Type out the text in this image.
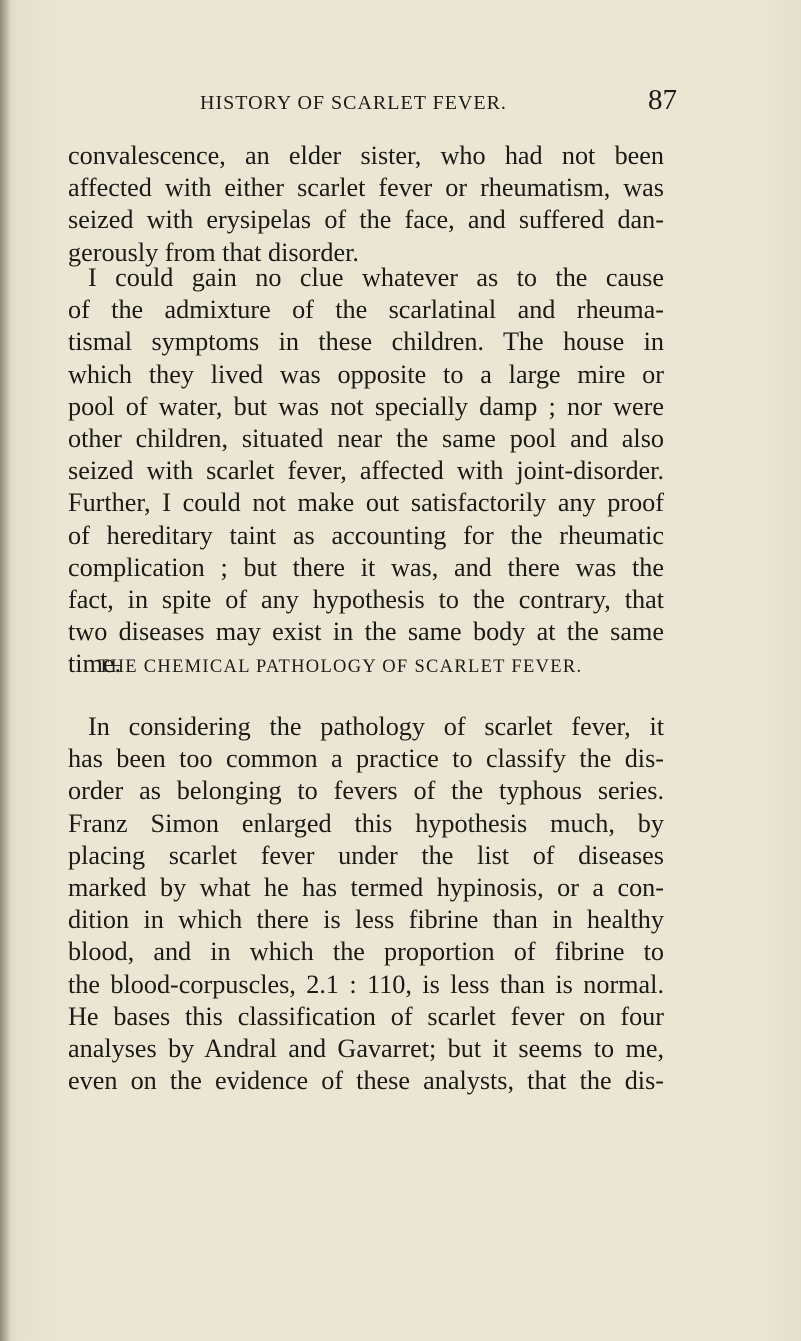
HISTORY OF SCARLET FEVER.	87
convalescence, an elder sister, who had not been
affected with either scarlet fever or rheumatism, was
seized with erysipelas of the face, and suffered dan-
gerously from that disorder.
I could gain no clue whatever as to the cause
of the admixture of the scarlatinal and rheuma-
tismal symptoms in these children. The house in
which they lived was opposite to a large mire or
pool of water, but was not specially damp ; nor were
other children, situated near the same pool and also
seized with scarlet fever, affected with joint-disorder.
Further, I could not make out satisfactorily any proof
of hereditary taint as accounting for the rheumatic
complication ; but there it was, and there was the
fact, in spite of any hypothesis to the contrary, that
two diseases may exist in the same body at the same
time.
THE CHEMICAL PATHOLOGY OF SCARLET FEVER.
In considering the pathology of scarlet fever, it
has been too common a practice to classify the dis-
order as belonging to fevers of the typhous series.
Franz Simon enlarged this hypothesis much, by
placing scarlet fever under the list of diseases
marked by what he has termed hypinosis, or a con-
dition in which there is less fibrine than in healthy
blood, and in which the proportion of fibrine to
the blood-corpuscles, 2.1 : 110, is less than is normal.
He bases this classification of scarlet fever on four
analyses by Andral and Gavarret; but it seems to me,
even on the evidence of these analysts, that the dis-
